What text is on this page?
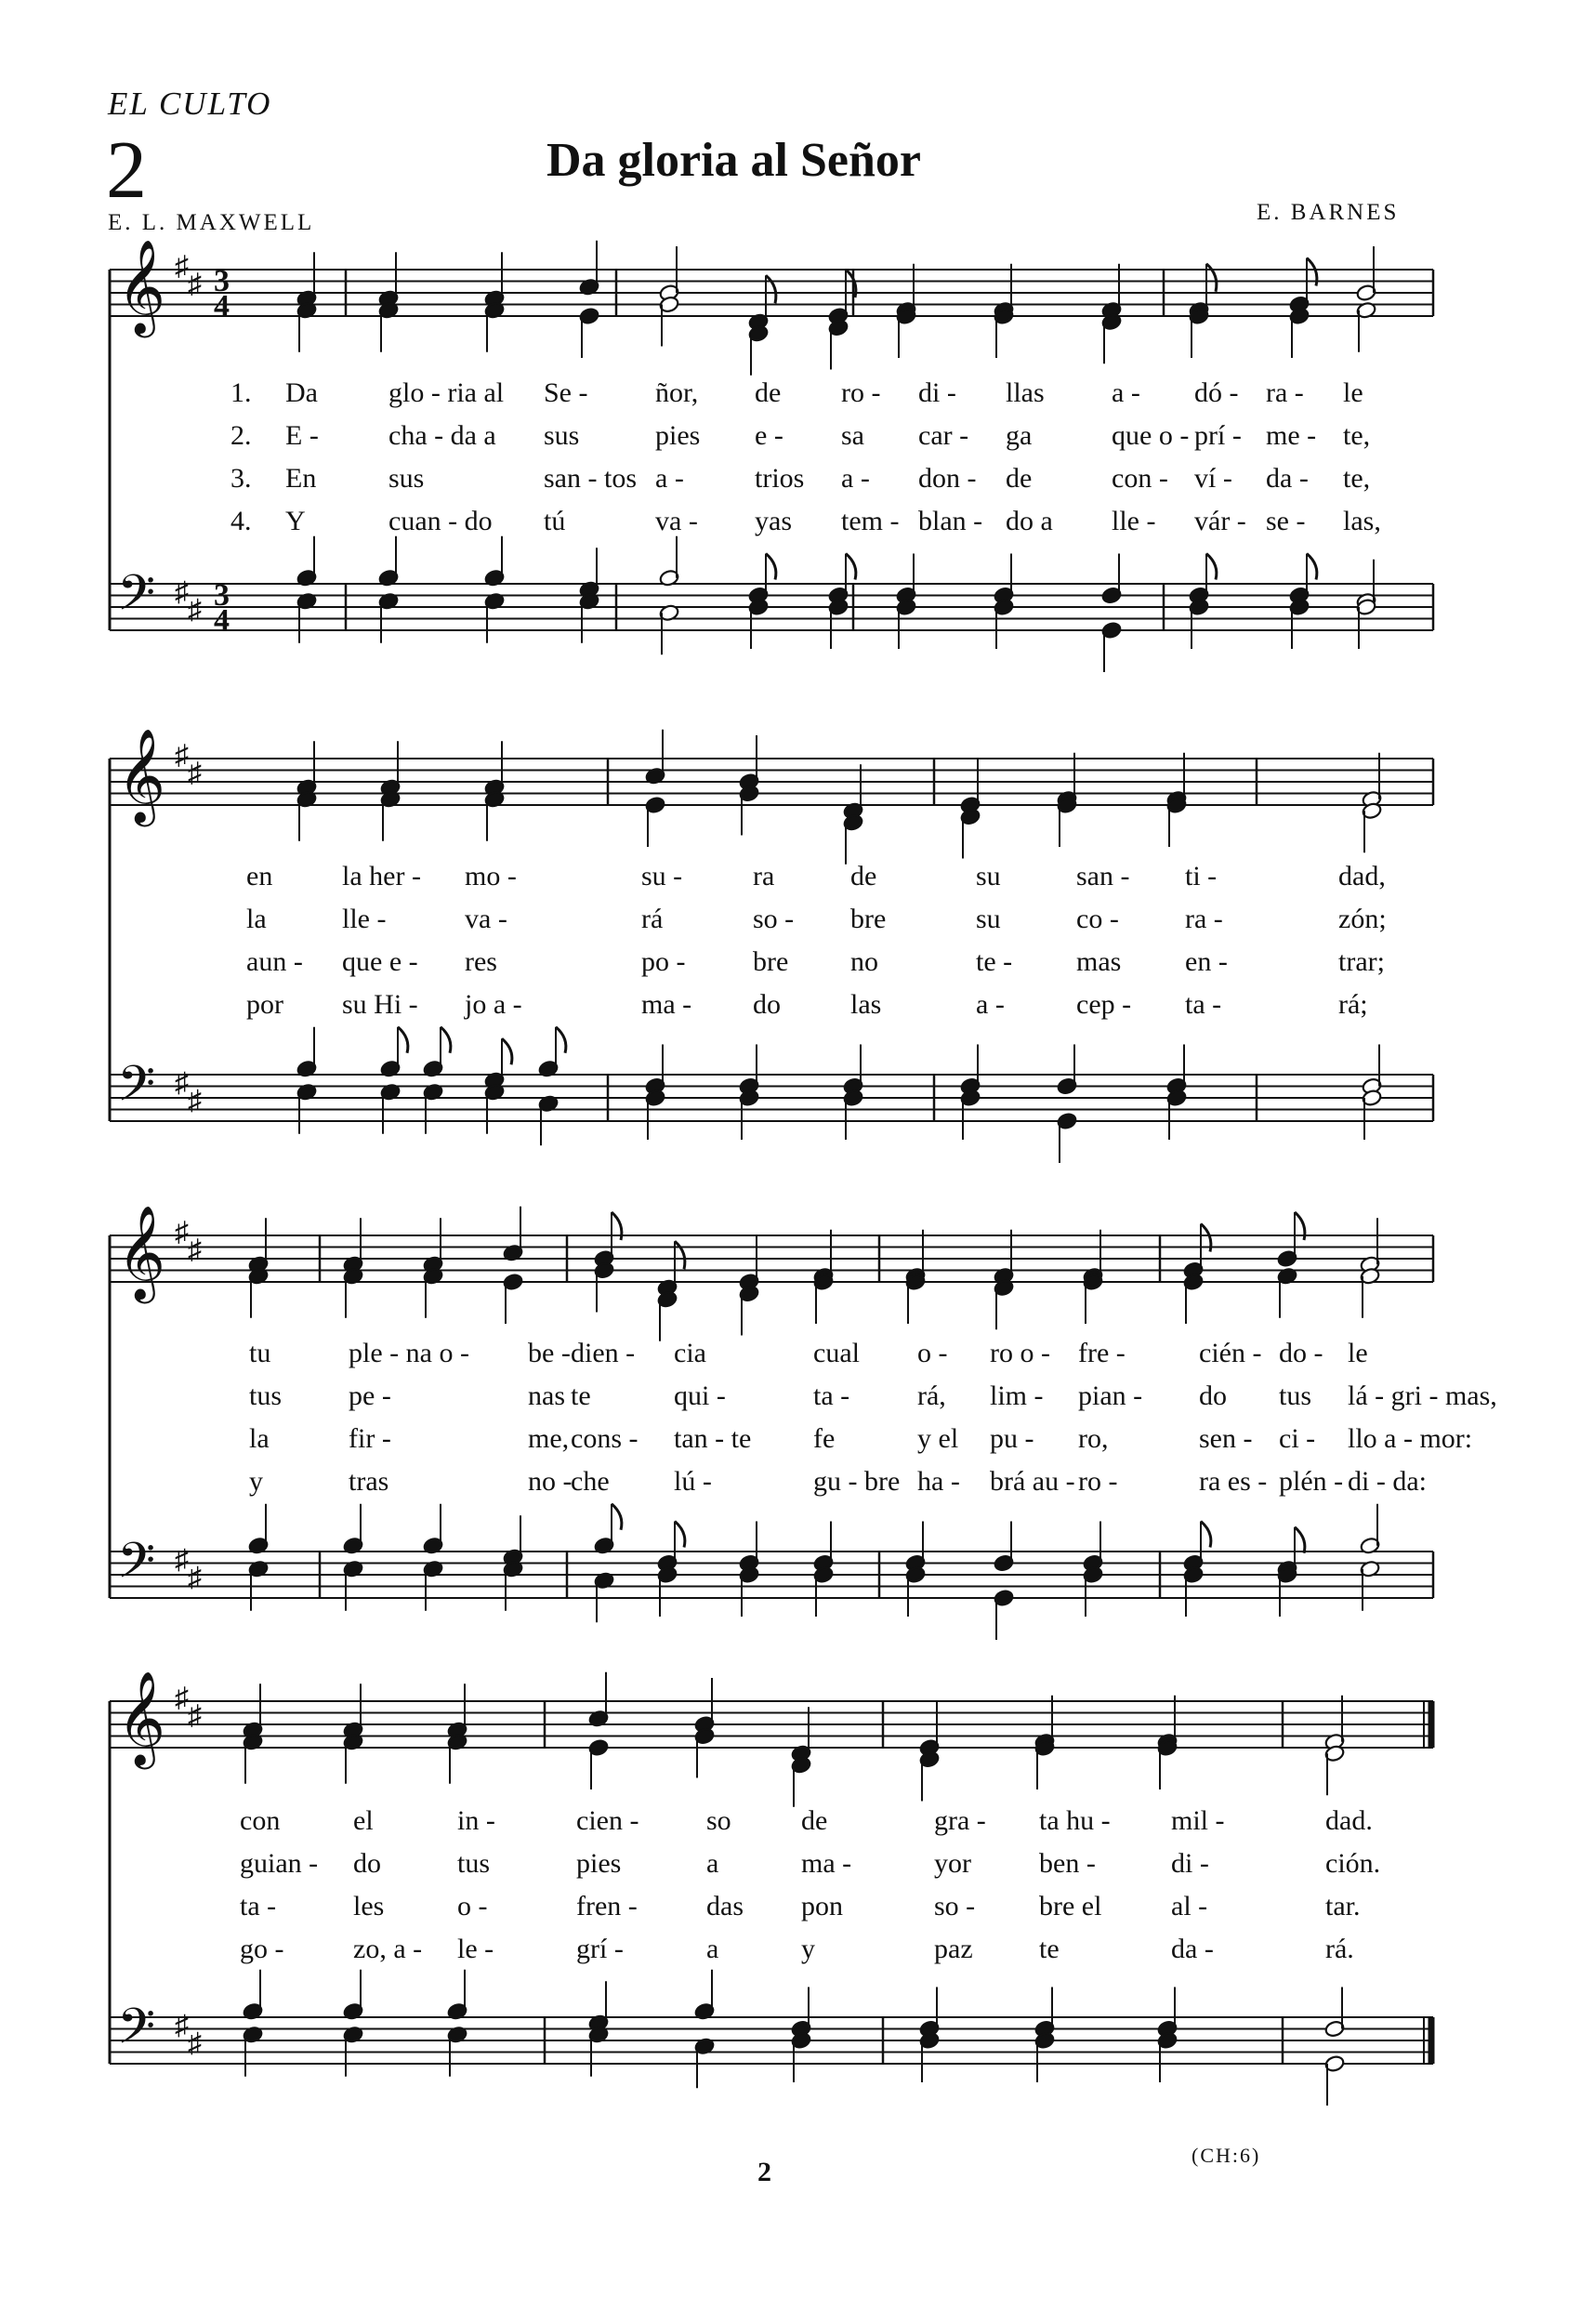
EL CULTO
2	Da gloria al Señor
E. L. MAXWELL	E. BARNES
𝄞
𝄢
♯
♯
♯
♯
3
4
3
4
1. Da	glo - ria al Se - ñor, de ro - di - llas a - dó - ra - le
2. E -	cha - da a sus	pies e - sa car - ga	que o - prí - me - te,
3. En	sus	san - tos a -	trios a - don - de	con - ví - da - te,
4. Y	cuan - do tú	va - yas tem - blan - do a lle - vár - se - las,
𝄞
𝄢
♯
♯
♯
♯
en la her - mo -	su -	ra	de	su	san - ti -	dad,
la	lle -	va -	rá	so - bre	su	co - ra -	zón;
aun - que e - res	po - bre no	te - mas en -	trar;
por su Hi - jo a -	ma - do	las	a -	cep - ta -	rá;
𝄞
𝄢
♯
♯
♯
♯
tu	ple - na o - be - dien - cia	cual o - ro o - fre -	cién - do - le
tus pe -	nas te	qui -	ta - rá, lim - pian - do tus lá - gri - mas,
la	fir -	me, cons - tan - te fe	y el pu - ro,	sen - ci - llo a - mor:
y	tras	no -
che lú -	gu - bre ha - brá au - ro -	ra es - plén - di - da:
𝄞
𝄢
♯
♯
♯
♯
con	el	in -	cien - so	de	gra - ta hu - mil -	dad.
guian - do	tus	pies	a	ma -	yor ben -	di -	ción.
ta -	les	o -	fren - das pon	so - bre el al -	tar.
go - zo, a - le -	grí -	a	y	paz te	da -	rá.
2
(CH:6)
